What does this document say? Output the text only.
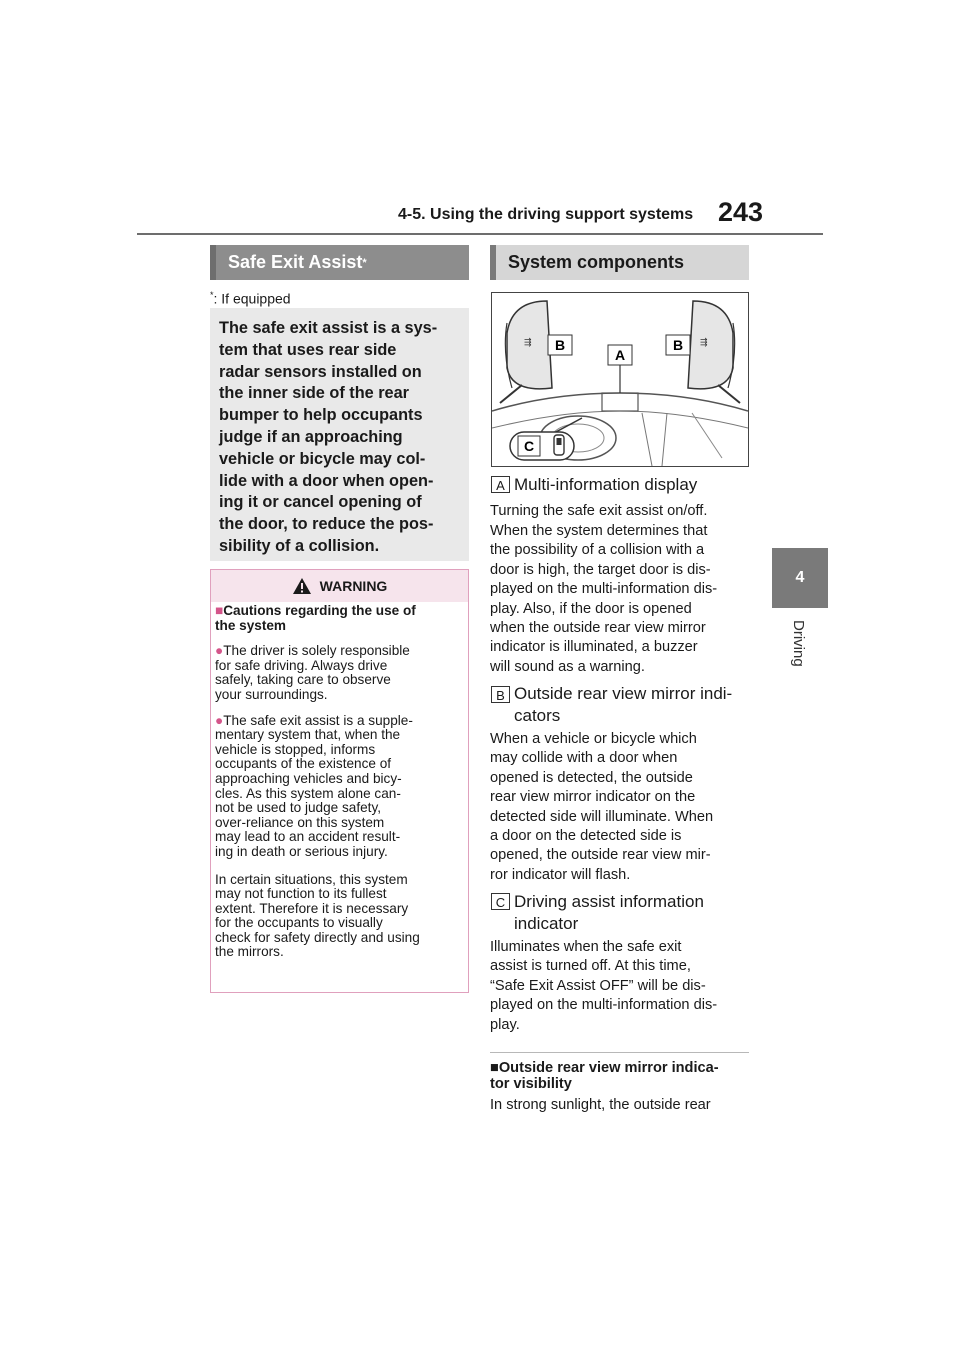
4-5. Using the driving support systems 243
4
Driving
Safe Exit Assist *
*: If equipped
The safe exit assist is a sys-
tem that uses rear side
radar sensors installed on
the inner side of the rear
bumper to help occupants
judge if an approaching
vehicle or bicycle may col-
lide with a door when open-
ing it or cancel opening of
the door, to reduce the pos-
sibility of a collision.
WARNING
■Cautions regarding the use of
the system
●The driver is solely responsible
for safe driving. Always drive
safely, taking care to observe
your surroundings.
●The safe exit assist is a supple-
mentary system that, when the
vehicle is stopped, informs
occupants of the existence of
approaching vehicles and bicy-
cles. As this system alone can-
not be used to judge safety,
over-reliance on this system
may lead to an accident result-
ing in death or serious injury.
In certain situations, this system
may not function to its fullest
extent. Therefore it is necessary
for the occupants to visually
check for safety directly and using
the mirrors.
System components
⇶	⇶
B
A
B
C
A Multi-information display
Turning the safe exit assist on/off.
When the system determines that
the possibility of a collision with a
door is high, the target door is dis-
played on the multi-information dis-
play. Also, if the door is opened
when the outside rear view mirror
indicator is illuminated, a buzzer
will sound as a warning.
B Outside rear view mirror indi-
cators
When a vehicle or bicycle which
may collide with a door when
opened is detected, the outside
rear view mirror indicator on the
detected side will illuminate. When
a door on the detected side is
opened, the outside rear view mir-
ror indicator will flash.
C Driving assist information
indicator
Illuminates when the safe exit
assist is turned off. At this time,
“Safe Exit Assist OFF” will be dis-
played on the multi-information dis-
play.
■Outside rear view mirror indica-
tor visibility
In strong sunlight, the outside rear
